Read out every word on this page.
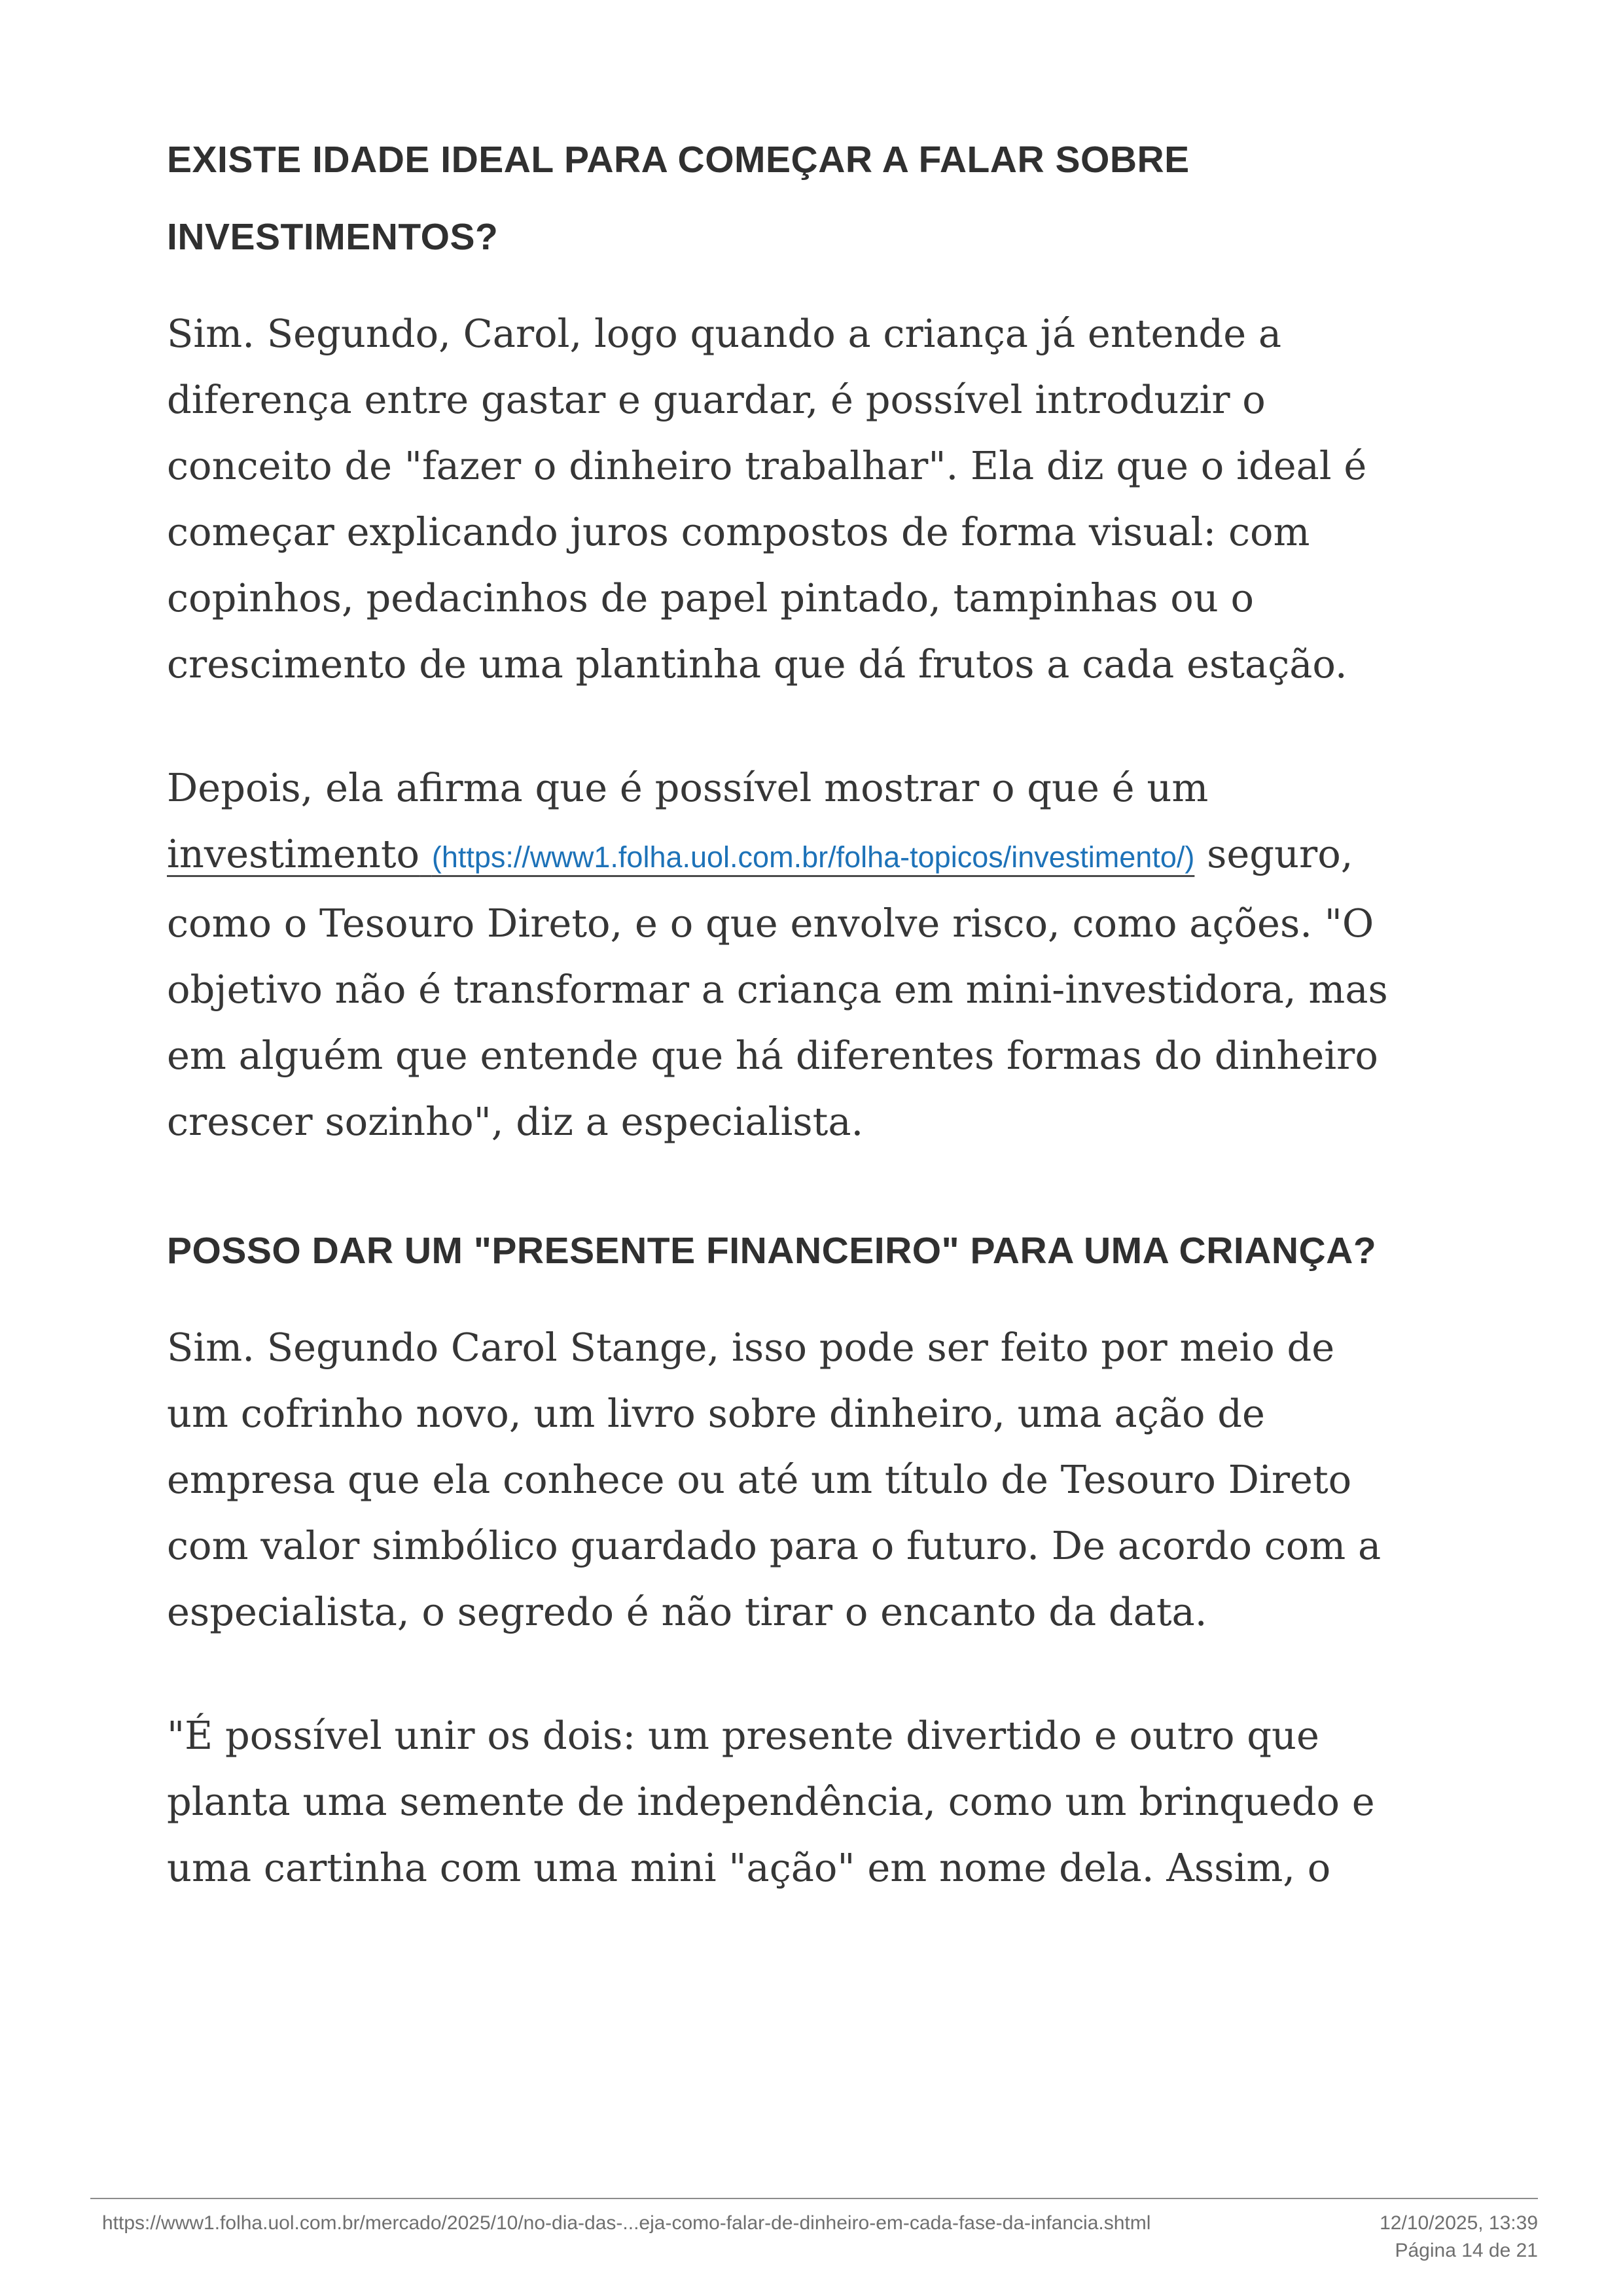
EXISTE IDADE IDEAL PARA COMEÇAR A FALAR SOBRE INVESTIMENTOS?

Sim. Segundo, Carol, logo quando a criança já entende a diferença entre gastar e guardar, é possível introduzir o conceito de "fazer o dinheiro trabalhar". Ela diz que o ideal é começar explicando juros compostos de forma visual: com copinhos, pedacinhos de papel pintado, tampinhas ou o crescimento de uma plantinha que dá frutos a cada estação.

Depois, ela afirma que é possível mostrar o que é um investimento (https://www1.folha.uol.com.br/folha-topicos/investimento/) seguro, como o Tesouro Direto, e o que envolve risco, como ações. "O objetivo não é transformar a criança em mini-investidora, mas em alguém que entende que há diferentes formas do dinheiro crescer sozinho", diz a especialista.

POSSO DAR UM "PRESENTE FINANCEIRO" PARA UMA CRIANÇA?

Sim. Segundo Carol Stange, isso pode ser feito por meio de um cofrinho novo, um livro sobre dinheiro, uma ação de empresa que ela conhece ou até um título de Tesouro Direto com valor simbólico guardado para o futuro. De acordo com a especialista, o segredo é não tirar o encanto da data.

"É possível unir os dois: um presente divertido e outro que planta uma semente de independência, como um brinquedo e uma cartinha com uma mini "ação" em nome dela. Assim, o

https://www1.folha.uol.com.br/mercado/2025/10/no-dia-das-...eja-como-falar-de-dinheiro-em-cada-fase-da-infancia.shtml	12/10/2025, 13:39
Página 14 de 21
